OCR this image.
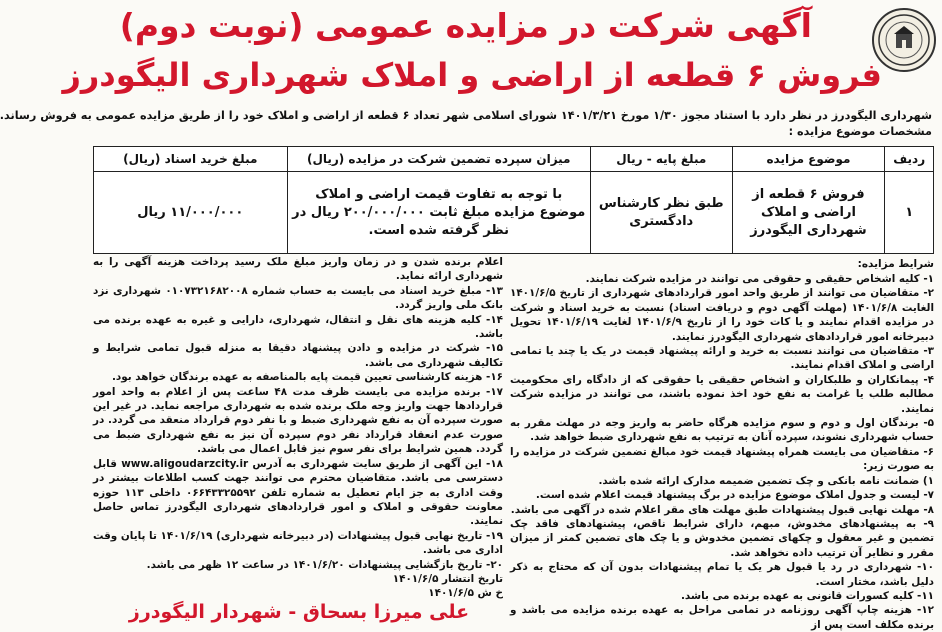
آگهی شرکت در مزایده عمومی (نوبت دوم)
فروش ۶ قطعه از اراضی و املاک شهرداری الیگودرز
شهرداری الیگودرز در نظر دارد با استناد مجوز ۱/۳۰ مورخ ۱۴۰۱/۳/۲۱ شورای اسلامی شهر تعداد ۶ قطعه از اراضی و املاک خود را از طریق مزایده عمومی به فروش رساند.
مشخصات موضوع مزایده :
ردیف	موضوع مزایده	مبلغ پایه - ریال	میزان سپرده تضمین شرکت در مزایده (ریال)	مبلغ خرید اسناد (ریال)
۱	فروش ۶ قطعه از اراضی و املاک شهرداری الیگودرز	طبق نظر کارشناس دادگستری	با توجه به تفاوت قیمت اراضی و املاک موضوع مزایده مبلغ ثابت ۲۰۰/۰۰۰/۰۰۰ ریال در نظر گرفته شده است.	۱۱/۰۰۰/۰۰۰ ریال
شرایط مزایده:

۱- کلیه اشخاص حقیقی و حقوقی می توانند در مزایده شرکت نمایند.

۲- متقاضیان می توانند از طریق واحد امور قراردادهای شهرداری از تاریخ ۱۴۰۱/۶/۵ الغایت ۱۴۰۱/۶/۸ (مهلت آگهی دوم و دریافت اسناد) نسبت به خرید اسناد و شرکت در مزایده اقدام نمایند و یا کات خود را از تاریخ ۱۴۰۱/۶/۹ لغایت ۱۴۰۱/۶/۱۹ تحویل دبیرخانه امور قراردادهای شهرداری الیگودرز نمایند.

۳- متقاضیان می توانند نسبت به خرید و ارائه پیشنهاد قیمت در یک یا چند یا تمامی اراضی و املاک اقدام نمایند.

۴- پیمانکاران و طلبکاران و اشخاص حقیقی یا حقوقی که از دادگاه رای محکومیت مطالبه طلب یا غرامت به نفع خود اخذ نموده باشند، می توانند در مزایده شرکت نمایند.

۵- برندگان اول و دوم و سوم مزایده هرگاه حاضر به واریز وجه در مهلت مقرر به حساب شهرداری نشوند، سپرده آنان به ترتیب به نفع شهرداری ضبط خواهد شد.

۶- متقاضیان می بایست همراه پیشنهاد قیمت خود مبالغ تضمین شرکت در مزایده را به صورت زیر:

۱) ضمانت نامه بانکی و چک تضمین ضمیمه مدارک ارائه شده باشد.

۷- لیست و جدول املاک موضوع مزایده در برگ پیشنهاد قیمت اعلام شده است.

۸- مهلت نهایی قبول پیشنهادات طبق مهلت های مقر اعلام شده در آگهی می باشد.

۹- به پیشنهادهای مخدوش، مبهم، دارای شرایط ناقص، پیشنهادهای فاقد چک تضمین و غیر معقول و چکهای تضمین مخدوش و یا چک های تضمین کمتر از میزان مقرر و نظایر آن ترتیب داده نخواهد شد.

۱۰- شهرداری در رد یا قبول هر یک یا تمام پیشنهادات بدون آن که محتاج به ذکر دلیل باشد، مختار است.

۱۱- کلیه کسورات قانونی به عهده برنده می باشد.

۱۲- هزینه چاپ آگهی روزنامه در تمامی مراحل به عهده برنده مزایده می باشد و برنده مکلف است پس از

اعلام برنده شدن و در زمان واریز مبلغ ملک رسید پرداخت هزینه آگهی را به شهرداری ارائه نماید.

۱۳- مبلغ خرید اسناد می بایست به حساب شماره ۰۱۰۷۳۲۱۶۸۲۰۰۸ شهرداری نزد بانک ملی واریز گردد.

۱۴- کلیه هزینه های نقل و انتقال، شهرداری، دارایی و غیره به عهده برنده می باشد.

۱۵- شرکت در مزایده و دادن پیشنهاد دقیقا به منزله قبول تمامی شرایط و تکالیف شهرداری می باشد.

۱۶- هزینه کارشناسی تعیین قیمت پایه بالمناصفه به عهده برندگان خواهد بود.

۱۷- برنده مزایده می بایست ظرف مدت ۴۸ ساعت پس از اعلام به واحد امور قراردادها جهت واریز وجه ملک برنده شده به شهرداری مراجعه نماید. در غیر این صورت سپرده آن به نفع شهرداری ضبط و با نفر دوم قرارداد منعقد می گردد. در صورت عدم انعقاد قرارداد نفر دوم سپرده آن نیز به نفع شهرداری ضبط می گردد. همین شرایط برای نفر سوم نیز قابل اعمال می باشد.

۱۸- این آگهی از طریق سایت شهرداری به آدرس www.aligoudarzcity.ir قابل دسترسی می باشد. متقاضیان محترم می توانند جهت کسب اطلاعات بیشتر در وقت اداری به جز ایام تعطیل به شماره تلفن ۰۶۶۴۳۳۲۵۵۹۲ داخلی ۱۱۳ حوزه معاونت حقوقی و املاک و امور قراردادهای شهرداری الیگودرز تماس حاصل نمایند.

۱۹- تاریخ نهایی قبول پیشنهادات (در دبیرخانه شهرداری) ۱۴۰۱/۶/۱۹ تا پایان وقت اداری می باشد.

۲۰- تاریخ بازگشایی پیشنهادات ۱۴۰۱/۶/۲۰ در ساعت ۱۲ ظهر می باشد.

تاریخ انتشار ۱۴۰۱/۶/۵

خ ش ۱۴۰۱/۶/۵

علی میرزا بسحاق - شهردار الیگودرز
